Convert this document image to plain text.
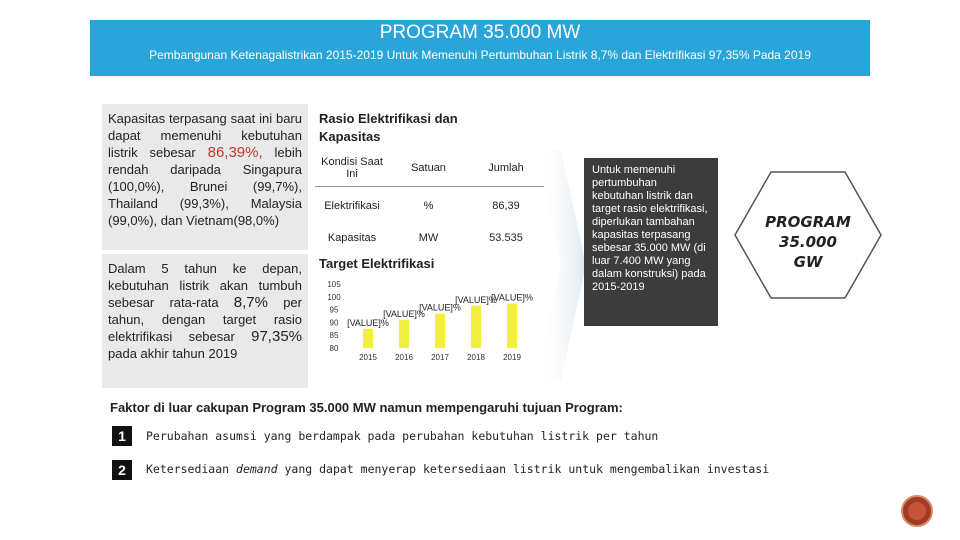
PROGRAM 35.000 MW
Pembangunan Ketenagalistrikan 2015-2019 Untuk Memenuhi Pertumbuhan Listrik 8,7% dan Elektrifikasi 97,35% Pada 2019
Kapasitas terpasang saat ini baru dapat memenuhi kebutuhan listrik sebesar 86,39%, lebih rendah daripada Singapura (100,0%), Brunei (99,7%), Thailand (99,3%), Malaysia (99,0%), dan Vietnam(98,0%)
Dalam 5 tahun ke depan, kebutuhan listrik akan tumbuh sebesar rata-rata 8,7% per tahun, dengan target rasio elektrifikasi sebesar 97,35% pada akhir tahun 2019
Rasio Elektrifikasi dan Kapasitas
Kondisi Saat Ini	Satuan	Jumlah
Elektrifikasi	%	86,39
Kapasitas	MW	53.535
Target Elektrifikasi
80
85
90
95
100
105
2015
[VALUE]%
2016
[VALUE]%
2017
[VALUE]%
2018
[VALUE]%
2019
[VALUE]%
Untuk memenuhi pertumbuhan kebutuhan listrik dan target rasio elektrifikasi, diperlukan tambahan kapasitas terpasang sebesar 35.000 MW (di luar 7.400 MW yang dalam konstruksi) pada 2015-2019
PROGRAM
35.000
GW
Faktor di luar cakupan Program 35.000 MW namun mempengaruhi tujuan Program:
1	Perubahan asumsi yang berdampak pada perubahan kebutuhan listrik per tahun
2	Ketersediaan demand yang dapat menyerap ketersediaan listrik untuk mengembalikan investasi
